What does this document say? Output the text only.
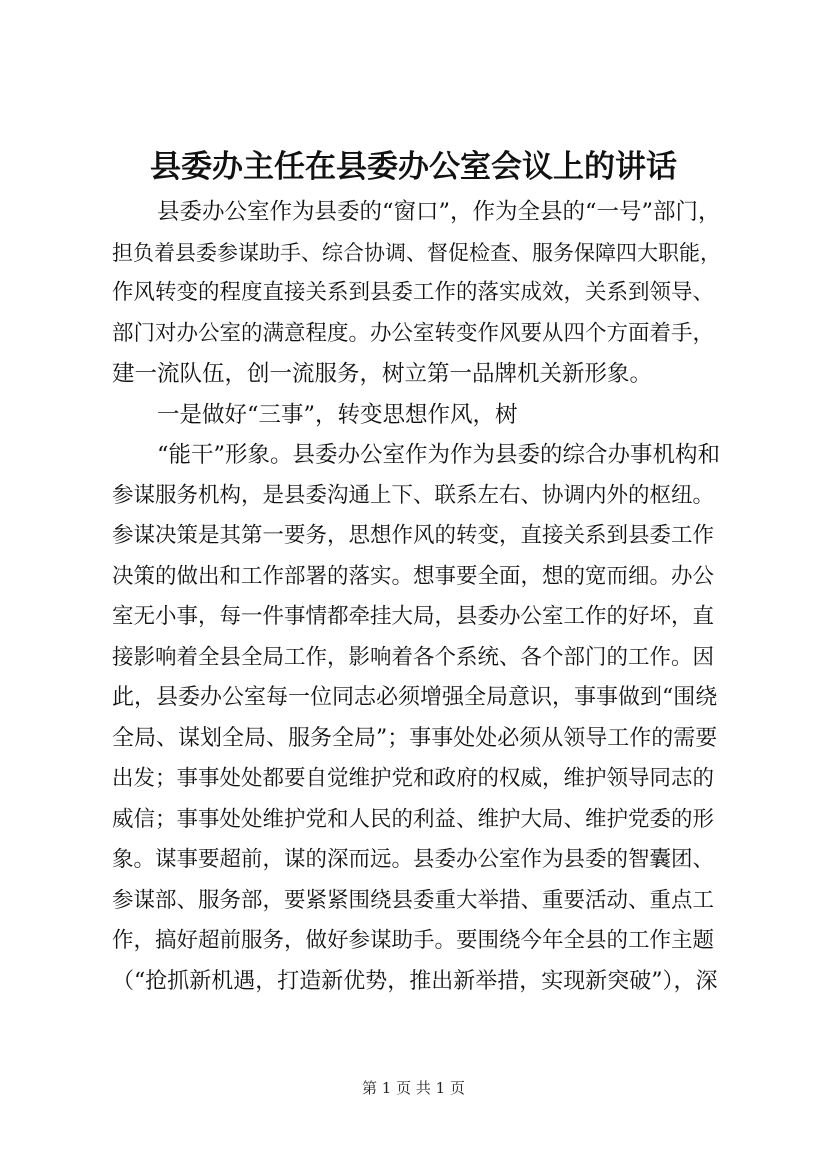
县委办主任在县委办公室会议上的讲话
县委办公室作为县委的“窗口”，作为全县的“一号”部门，
担负着县委参谋助手、综合协调、督促检查、服务保障四大职能，
作风转变的程度直接关系到县委工作的落实成效，关系到领导、
部门对办公室的满意程度。办公室转变作风要从四个方面着手，
建一流队伍，创一流服务，树立第一品牌机关新形象。
一是做好“三事”，转变思想作风，树
“能干”形象。县委办公室作为作为县委的综合办事机构和
参谋服务机构，是县委沟通上下、联系左右、协调内外的枢纽。
参谋决策是其第一要务，思想作风的转变，直接关系到县委工作
决策的做出和工作部署的落实。想事要全面，想的宽而细。办公
室无小事，每一件事情都牵挂大局，县委办公室工作的好坏，直
接影响着全县全局工作，影响着各个系统、各个部门的工作。因
此，县委办公室每一位同志必须增强全局意识，事事做到“围绕
全局、谋划全局、服务全局”；事事处处必须从领导工作的需要
出发；事事处处都要自觉维护党和政府的权威，维护领导同志的
威信；事事处处维护党和人民的利益、维护大局、维护党委的形
象。谋事要超前，谋的深而远。县委办公室作为县委的智囊团、
参谋部、服务部，要紧紧围绕县委重大举措、重要活动、重点工
作，搞好超前服务，做好参谋助手。要围绕今年全县的工作主题
（“抢抓新机遇，打造新优势，推出新举措，实现新突破”），深
第 1 页 共 1 页
